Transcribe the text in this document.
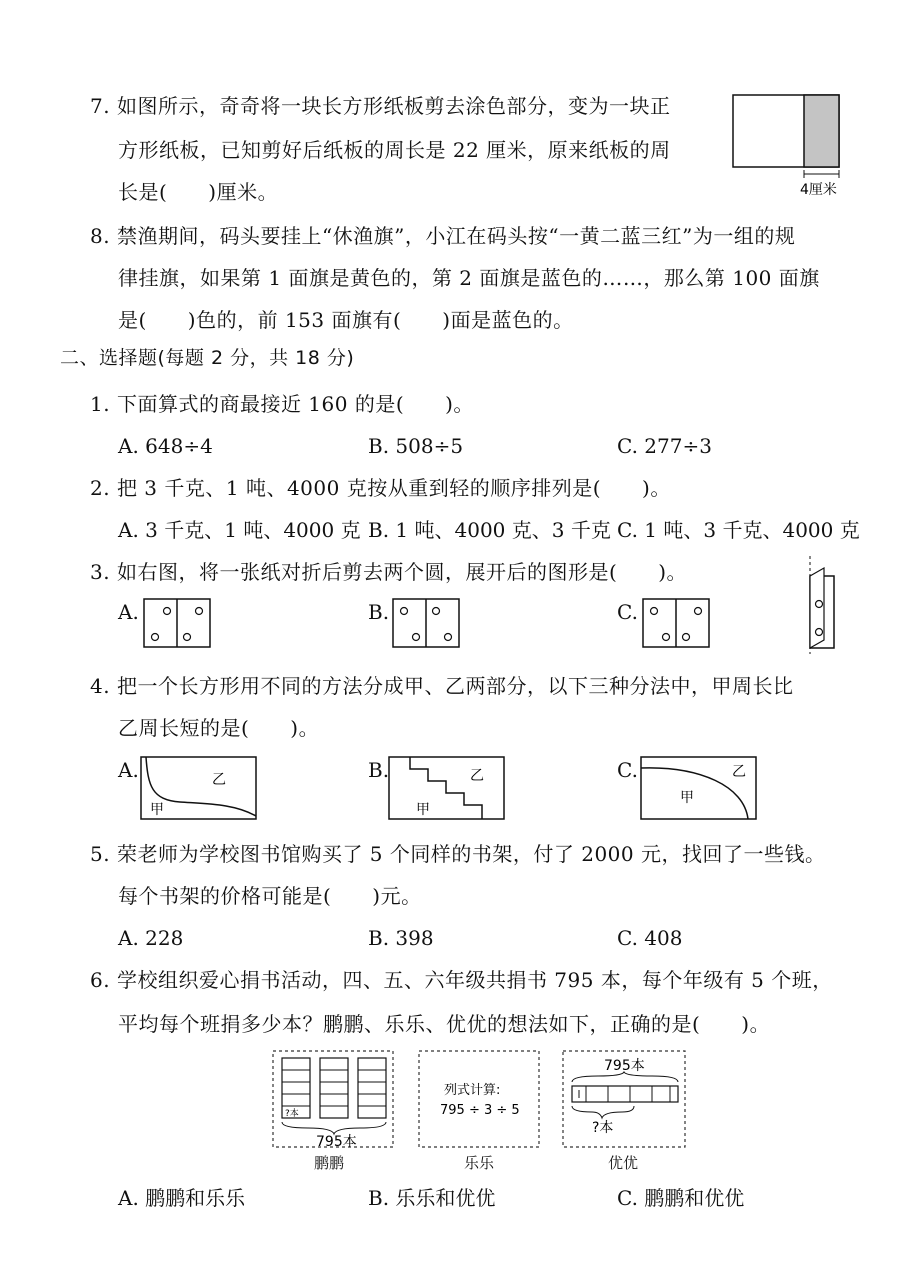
7. 如图所示，奇奇将一块长方形纸板剪去涂色部分，变为一块正
方形纸板，已知剪好后纸板的周长是 22 厘米，原来纸板的周
长是(　　)厘米。	4厘米
8. 禁渔期间，码头要挂上“休渔旗”，小江在码头按“一黄二蓝三红”为一组的规
律挂旗，如果第 1 面旗是黄色的，第 2 面旗是蓝色的……，那么第 100 面旗
是(　　)色的，前 153 面旗有(　　)面是蓝色的。
二、选择题(每题 2 分，共 18 分)
1. 下面算式的商最接近 160 的是(　　)。
A. 648÷4	B. 508÷5	C. 277÷3
2. 把 3 千克、1 吨、4000 克按从重到轻的顺序排列是(　　)。
A. 3 千克、1 吨、4000 克 B. 1 吨、4000 克、3 千克 C. 1 吨、3 千克、4000 克
3. 如右图，将一张纸对折后剪去两个圆，展开后的图形是(　　)。
A.	B.	C.
4. 把一个长方形用不同的方法分成甲、乙两部分，以下三种分法中，甲周长比
乙周长短的是(　　)。
A.
甲
乙	B.
甲
乙	C.
甲
乙
5. 荣老师为学校图书馆购买了 5 个同样的书架，付了 2000 元，找回了一些钱。
每个书架的价格可能是(　　)元。
A. 228	B. 398	C. 408
6. 学校组织爱心捐书活动，四、五、六年级共捐书 795 本，每个年级有 5 个班，
平均每个班捐多少本？鹏鹏、乐乐、优优的想法如下，正确的是(　　)。
?本
795本
鹏鹏
列式计算:
795 ÷ 3 ÷ 5
乐乐
795本
?本
优优
A. 鹏鹏和乐乐	B. 乐乐和优优	C. 鹏鹏和优优
